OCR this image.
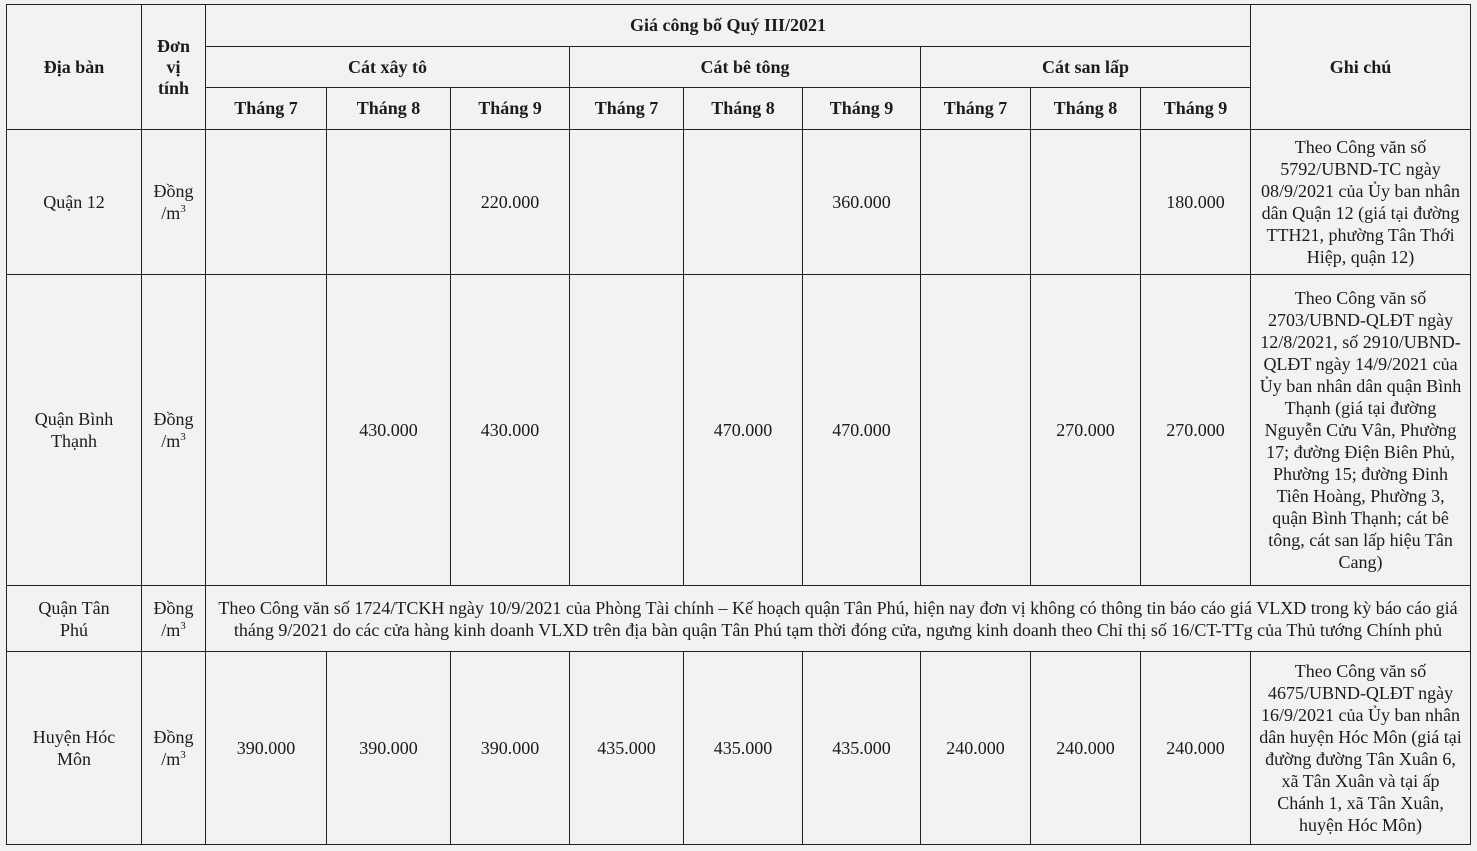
Địa bàn	Đơn vị tính	Giá công bố Quý III/2021									Ghi chú
		Cát xây tô			Cát bê tông			Cát san lấp			
		Tháng 7	Tháng 8	Tháng 9	Tháng 7	Tháng 8	Tháng 9	Tháng 7	Tháng 8	Tháng 9	
Quận 12	Đồng $/m^3$			220.000			360.000			180.000	Theo Công văn số 5792/UBND-TC ngày 08/9/2021 của Ủy ban nhân dân Quận 12 (giá tại đường TTH21, phường Tân Thới Hiệp, quận 12)
Quận Bình Thạnh	Đồng $/m^3$		430.000	430.000		470.000	470.000		270.000	270.000	Theo Công văn số 2703/UBND-QLĐT ngày 12/8/2021, số 2910/UBND-QLĐT ngày 14/9/2021 của Ủy ban nhân dân quận Bình Thạnh (giá tại đường Nguyễn Cửu Vân, Phường 17; đường Điện Biên Phủ, Phường 15; đường Đinh Tiên Hoàng, Phường 3, quận Bình Thạnh; cát bê tông, cát san lấp hiệu Tân Cang)
Quận Tân Phú	Đồng $/m^3$	Theo Công văn số 1724/TCKH ngày 10/9/2021 của Phòng Tài chính – Kế hoạch quận Tân Phú, hiện nay đơn vị không có thông tin báo cáo giá VLXD trong kỳ báo cáo giá tháng 9/2021 do các cửa hàng kinh doanh VLXD trên địa bàn quận Tân Phú tạm thời đóng cửa, ngưng kinh doanh theo Chỉ thị số 16/CT-TTg của Thủ tướng Chính phủ									
Huyện Hóc Môn	Đồng $/m^3$	390.000	390.000	390.000	435.000	435.000	435.000	240.000	240.000	240.000	Theo Công văn số 4675/UBND-QLĐT ngày 16/9/2021 của Ủy ban nhân dân huyện Hóc Môn (giá tại đường đường Tân Xuân 6, xã Tân Xuân và tại ấp Chánh 1, xã Tân Xuân, huyện Hóc Môn)
